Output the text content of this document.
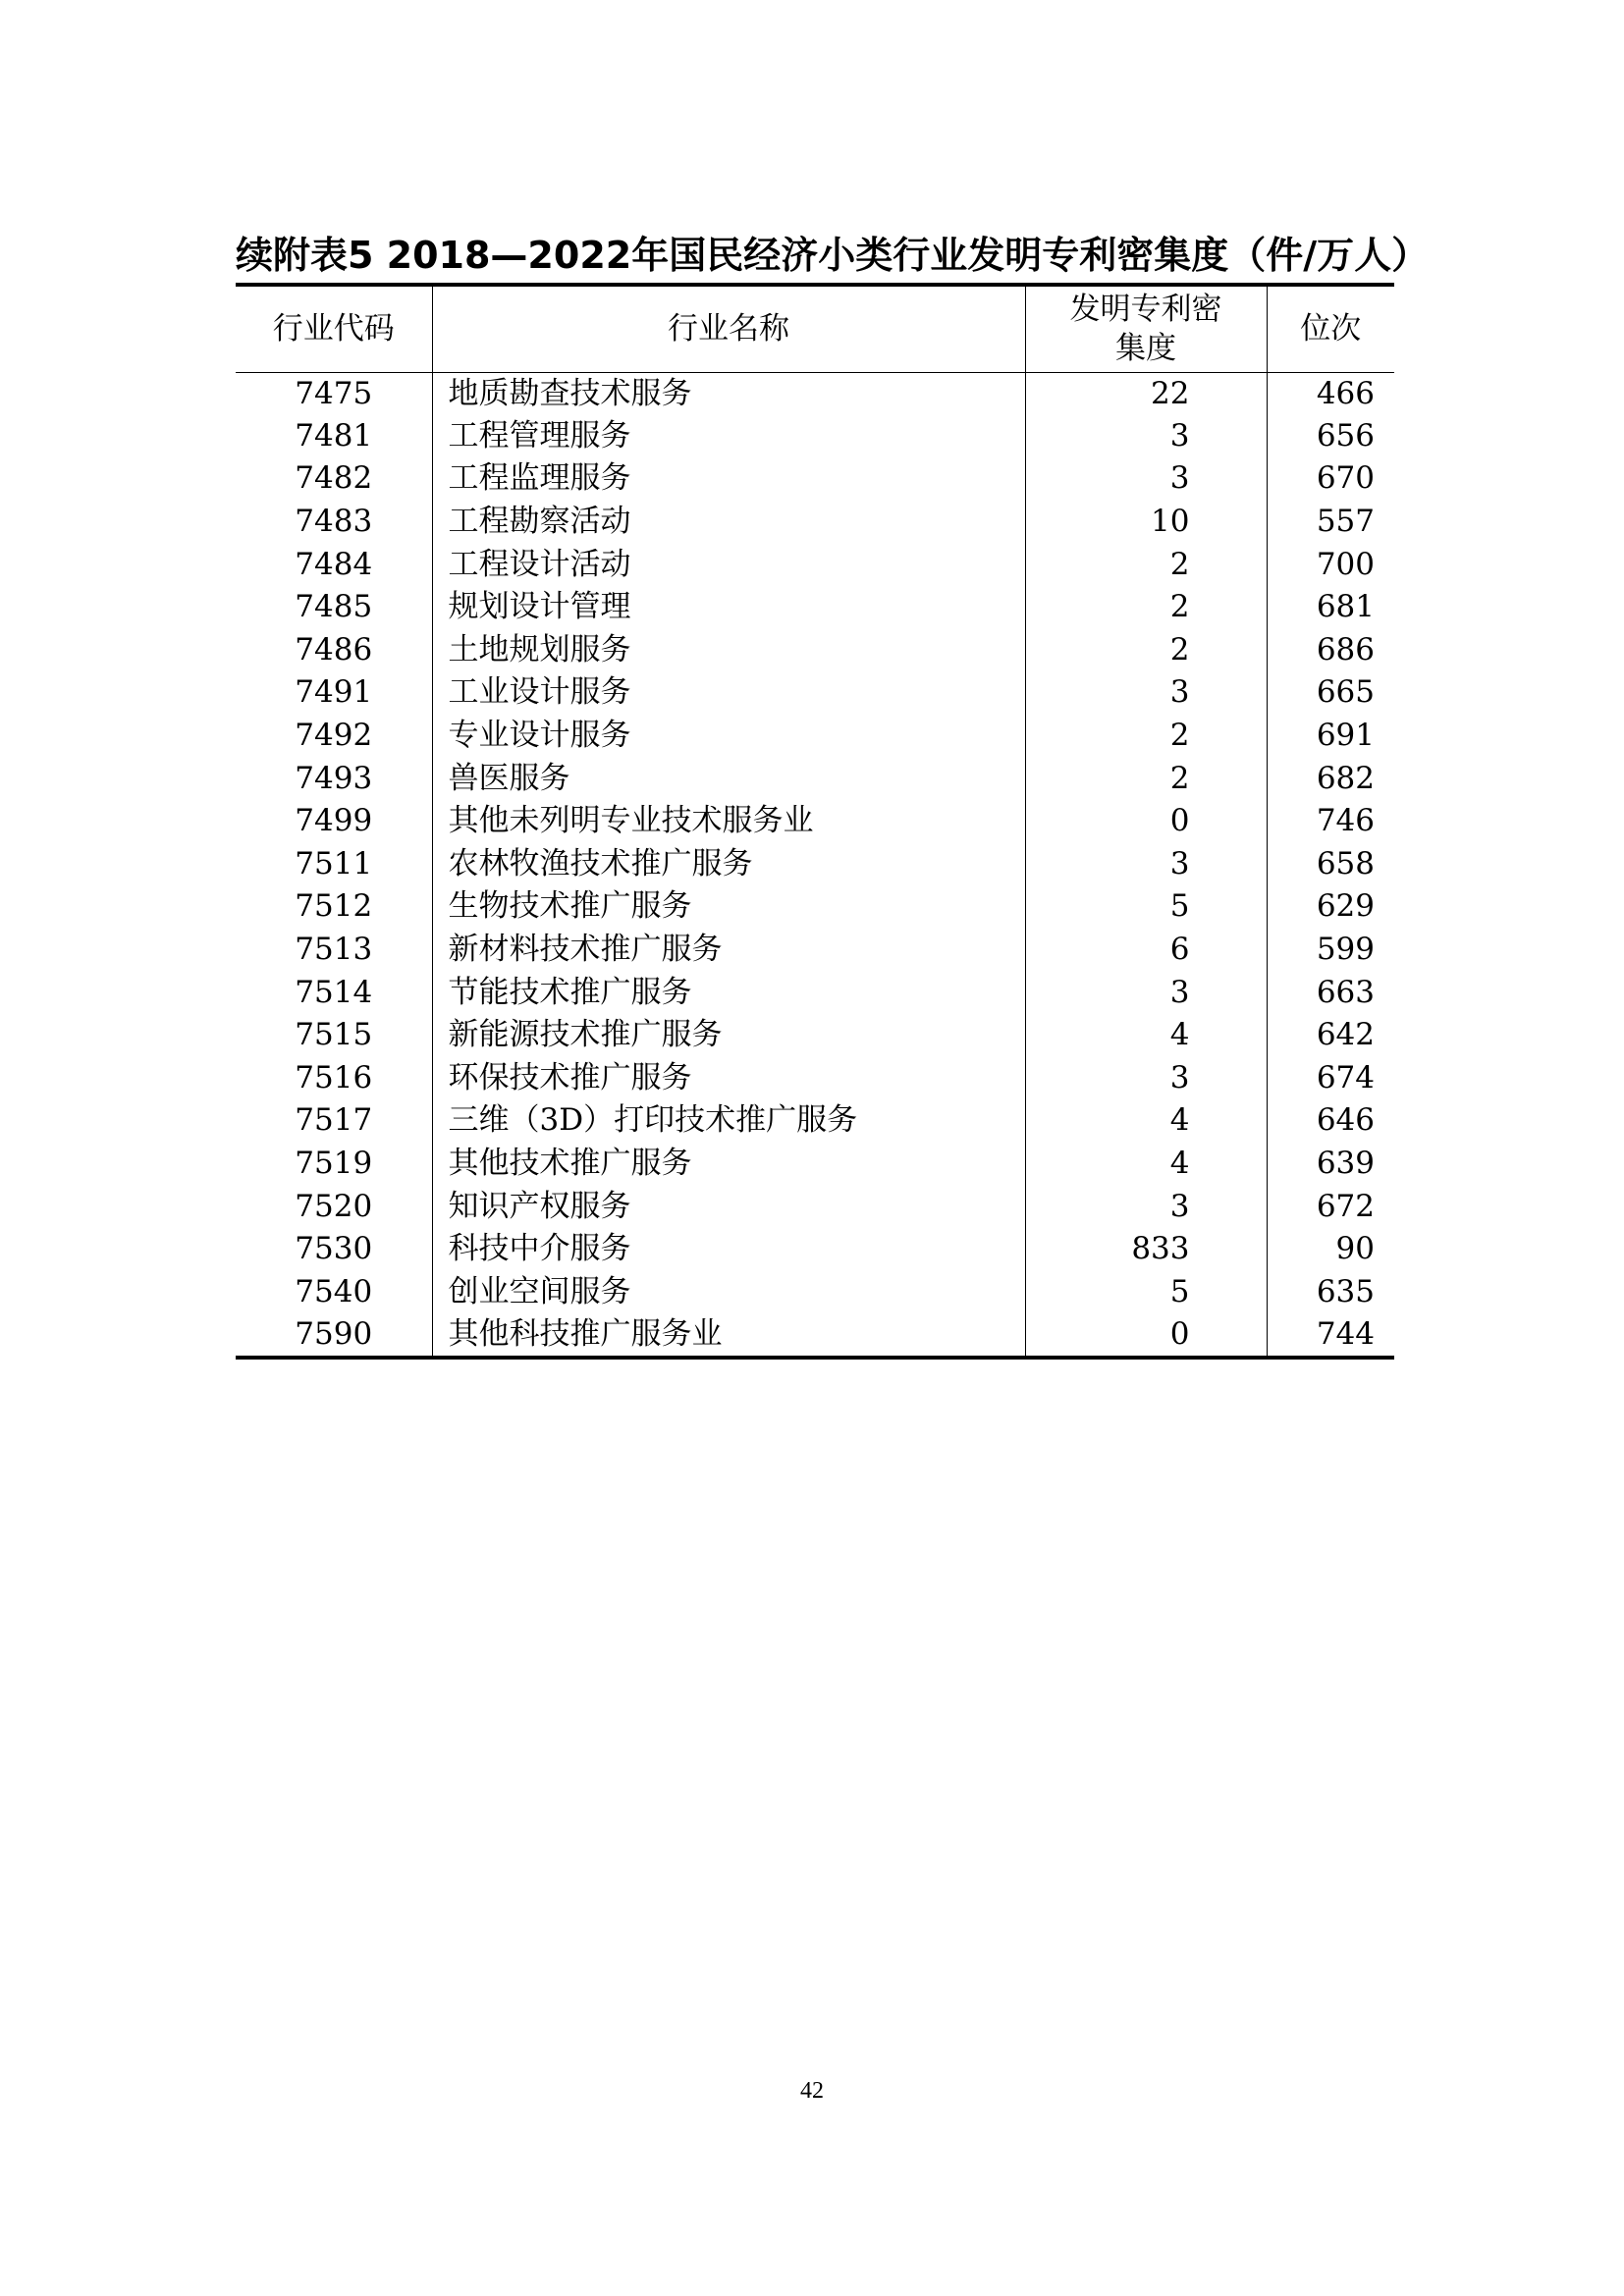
续附表5 2018—2022年国民经济小类行业发明专利密集度（件/万人）
行业代码	行业名称	发明专利密集度	位次
7475	地质勘查技术服务	22	466
7481	工程管理服务	3	656
7482	工程监理服务	3	670
7483	工程勘察活动	10	557
7484	工程设计活动	2	700
7485	规划设计管理	2	681
7486	土地规划服务	2	686
7491	工业设计服务	3	665
7492	专业设计服务	2	691
7493	兽医服务	2	682
7499	其他未列明专业技术服务业	0	746
7511	农林牧渔技术推广服务	3	658
7512	生物技术推广服务	5	629
7513	新材料技术推广服务	6	599
7514	节能技术推广服务	3	663
7515	新能源技术推广服务	4	642
7516	环保技术推广服务	3	674
7517	三维（3D）打印技术推广服务	4	646
7519	其他技术推广服务	4	639
7520	知识产权服务	3	672
7530	科技中介服务	833	90
7540	创业空间服务	5	635
7590	其他科技推广服务业	0	744
42
